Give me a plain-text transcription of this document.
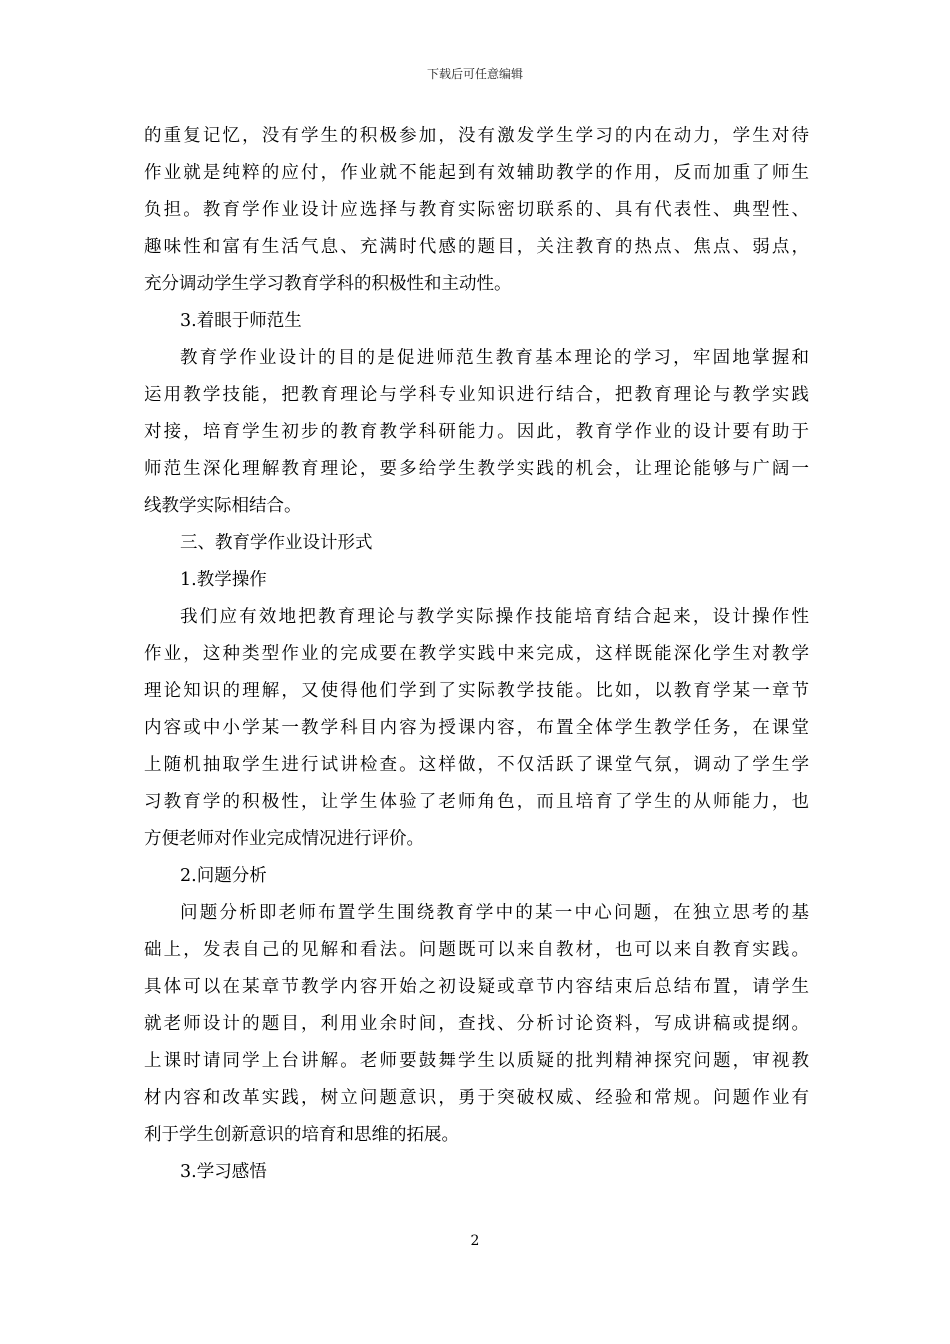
下载后可任意编辑
的重复记忆，没有学生的积极参加，没有激发学生学习的内在动力，学生对待
作业就是纯粹的应付，作业就不能起到有效辅助教学的作用，反而加重了师生
负担。教育学作业设计应选择与教育实际密切联系的、具有代表性、典型性、
趣味性和富有生活气息、充满时代感的题目，关注教育的热点、焦点、弱点，
充分调动学生学习教育学科的积极性和主动性。
3.着眼于师范生
教育学作业设计的目的是促进师范生教育基本理论的学习，牢固地掌握和
运用教学技能，把教育理论与学科专业知识进行结合，把教育理论与教学实践
对接，培育学生初步的教育教学科研能力。因此，教育学作业的设计要有助于
师范生深化理解教育理论，要多给学生教学实践的机会，让理论能够与广阔一
线教学实际相结合。
三、教育学作业设计形式
1.教学操作
我们应有效地把教育理论与教学实际操作技能培育结合起来，设计操作性
作业，这种类型作业的完成要在教学实践中来完成，这样既能深化学生对教学
理论知识的理解，又使得他们学到了实际教学技能。比如，以教育学某一章节
内容或中小学某一教学科目内容为授课内容，布置全体学生教学任务，在课堂
上随机抽取学生进行试讲检查。这样做，不仅活跃了课堂气氛，调动了学生学
习教育学的积极性，让学生体验了老师角色，而且培育了学生的从师能力，也
方便老师对作业完成情况进行评价。
2.问题分析
问题分析即老师布置学生围绕教育学中的某一中心问题，在独立思考的基
础上，发表自己的见解和看法。问题既可以来自教材，也可以来自教育实践。
具体可以在某章节教学内容开始之初设疑或章节内容结束后总结布置，请学生
就老师设计的题目，利用业余时间，查找、分析讨论资料，写成讲稿或提纲。
上课时请同学上台讲解。老师要鼓舞学生以质疑的批判精神探究问题，审视教
材内容和改革实践，树立问题意识，勇于突破权威、经验和常规。问题作业有
利于学生创新意识的培育和思维的拓展。
3.学习感悟
2
